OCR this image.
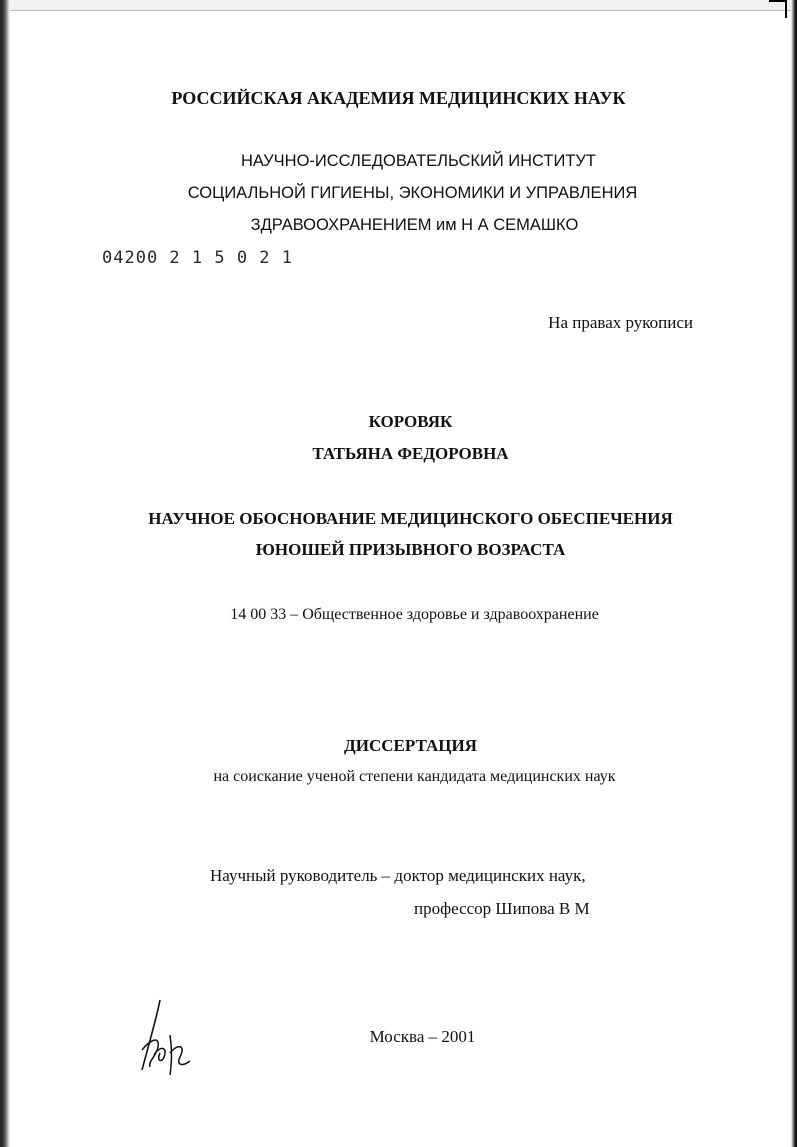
РОССИЙСКАЯ АКАДЕМИЯ МЕДИЦИНСКИХ НАУК
НАУЧНО-ИССЛЕДОВАТЕЛЬСКИЙ ИНСТИТУТ
СОЦИАЛЬНОЙ ГИГИЕНЫ, ЭКОНОМИКИ И УПРАВЛЕНИЯ
ЗДРАВООХРАНЕНИЕМ им Н А СЕМАШКО
04200 2 1 5 0 2 1
На правах рукописи
КОРОВЯК
ТАТЬЯНА ФЕДОРОВНА
НАУЧНОЕ ОБОСНОВАНИЕ МЕДИЦИНСКОГО ОБЕСПЕЧЕНИЯ
ЮНОШЕЙ ПРИЗЫВНОГО ВОЗРАСТА
14 00 33 – Общественное здоровье и здравоохранение
ДИССЕРТАЦИЯ
на соискание ученой степени кандидата медицинских наук
Научный руководитель – доктор медицинских наук,
профессор Шипова В М
Москва – 2001
